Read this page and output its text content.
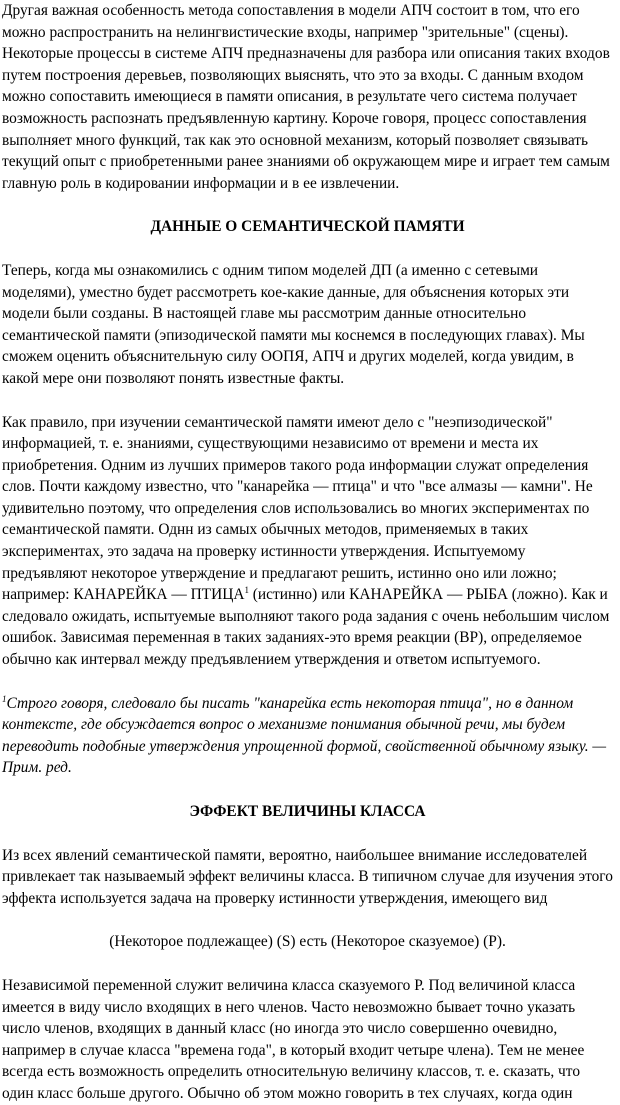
Другая важная особенность метода сопоставления в модели АПЧ состоит в том, что его можно распространить на нелингвистические входы, например "зрительные" (сцены). Некоторые процессы в системе АПЧ предназначены для разбора или описания таких входов путем построения деревьев, позволяющих выяснять, что это за входы. С данным входом можно сопоставить имеющиеся в памяти описания, в результате чего система получает возможность распознать предъявленную картину. Короче говоря, процесс сопоставления выполняет много функций, так как это основной механизм, который позволяет связывать текущий опыт с приобретенными ранее знаниями об окружающем мире и играет тем самым главную роль в кодировании информации и в ее извлечении.

ДАННЫЕ О СЕМАНТИЧЕСКОЙ ПАМЯТИ

Теперь, когда мы ознакомились с одним типом моделей ДП (а именно с сетевыми моделями), уместно будет рассмотреть кое-какие данные, для объяснения которых эти модели были созданы. В настоящей главе мы рассмотрим данные относительно семантической памяти (эпизодической памяти мы коснемся в последующих главах). Мы сможем оценить объяснительную силу ООПЯ, АПЧ и других моделей, когда увидим, в какой мере они позволяют понять известные факты.

Как правило, при изучении семантической памяти имеют дело с "неэпизодической" информацией, т. е. знаниями, существующими независимо от времени и места их приобретения. Одним из лучших примеров такого рода информации служат определения слов. Почти каждому известно, что "канарейка — птица" и что "все алмазы — камни". Не удивительно поэтому, что определения слов использовались во многих экспериментах по семантической памяти. Однн из самых обычных методов, применяемых в таких экспериментах, это задача на проверку истинности утверждения. Испытуемому предъявляют некоторое утверждение и предлагают решить, истинно оно или ложно; например: КАНАРЕЙКА — ПТИЦА$^1$ (истинно) или КАНАРЕЙКА — РЫБА (ложно). Как и следовало ожидать, испытуемые выполняют такого рода задания с очень небольшим числом ошибок. Зависимая переменная в таких заданиях-это время реакции (ВР), определяемое обычно как интервал между предъявлением утверждения и ответом испытуемого.

$^1$Строго говоря, следовало бы писать "канарейка есть некоторая птица", но в данном контексте, где обсуждается вопрос о механизме понимания обычной речи, мы будем переводить подобные утверждения упрощенной формой, свойственной обычному языку. — Прим. ред.

ЭФФЕКТ ВЕЛИЧИНЫ КЛАССА

Из всех явлений семантической памяти, вероятно, наибольшее внимание исследователей привлекает так называемый эффект величины класса. В типичном случае для изучения этого эффекта используется задача на проверку истинности утверждения, имеющего вид

(Некоторое подлежащее) (S) есть (Некоторое сказуемое) (Р).

Независимой переменной служит величина класса сказуемого Р. Под величиной класса имеется в виду число входящих в него членов. Часто невозможно бывает точно указать число членов, входящих в данный класс (но иногда это число совершенно очевидно, например в случае класса "времена года", в который входит четыре члена). Тем не менее всегда есть возможность определить относительную величину классов, т. е. сказать, что один класс больше другого. Обычно об этом можно говорить в тех случаях, когда один
